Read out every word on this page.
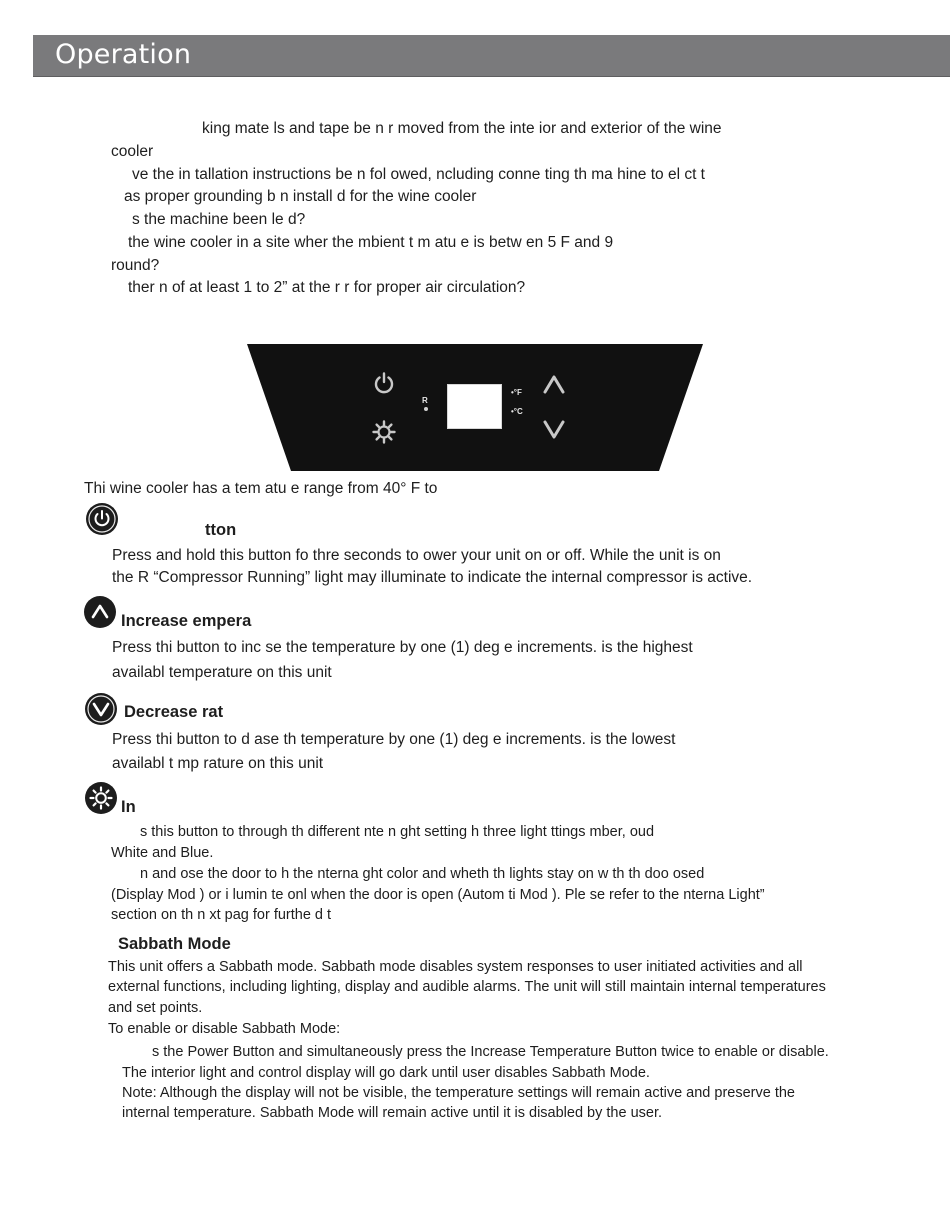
Operation
king mate ls and tape be n r moved from the inte ior and exterior of the wine
cooler
ve the in tallation instructions be n fol owed, ncluding conne ting th ma hine to el ct t
as proper grounding b n install d for the wine cooler
s the machine been le d?
the wine cooler in a site wher the mbient t m atu e is betw en 5 F and 9
round?
ther n of at least 1 to 2” at the r r for proper air circulation?
R
•°F
•°C
Thi wine cooler has a tem atu e range from 40° F to
tton
Press and hold this button fo thre seconds to ower your unit on or off. While the unit is on
the R “Compressor Running” light may illuminate to indicate the internal compressor is active.
Increase empera
Press thi button to inc se the temperature by one (1) deg e increments. is the highest
availabl temperature on this unit
Decrease rat
Press thi button to d ase th temperature by one (1) deg e increments. is the lowest
availabl t mp rature on this unit
In
s this button to through th different nte n ght setting h three light ttings mber, oud
White and Blue.
n and ose the door to h the nterna ght color and wheth th lights stay on w th th doo osed
(Display Mod ) or i lumin te onl when the door is open (Autom ti Mod ). Ple se refer to the nterna Light”
section on th n xt pag for furthe d t
Sabbath Mode
This unit offers a Sabbath mode. Sabbath mode disables system responses to user initiated activities and all
external functions, including lighting, display and audible alarms. The unit will still maintain internal temperatures
and set points.
To enable or disable Sabbath Mode:
s the Power Button and simultaneously press the Increase Temperature Button twice to enable or disable.
The interior light and control display will go dark until user disables Sabbath Mode.
Note: Although the display will not be visible, the temperature settings will remain active and preserve the
internal temperature. Sabbath Mode will remain active until it is disabled by the user.
